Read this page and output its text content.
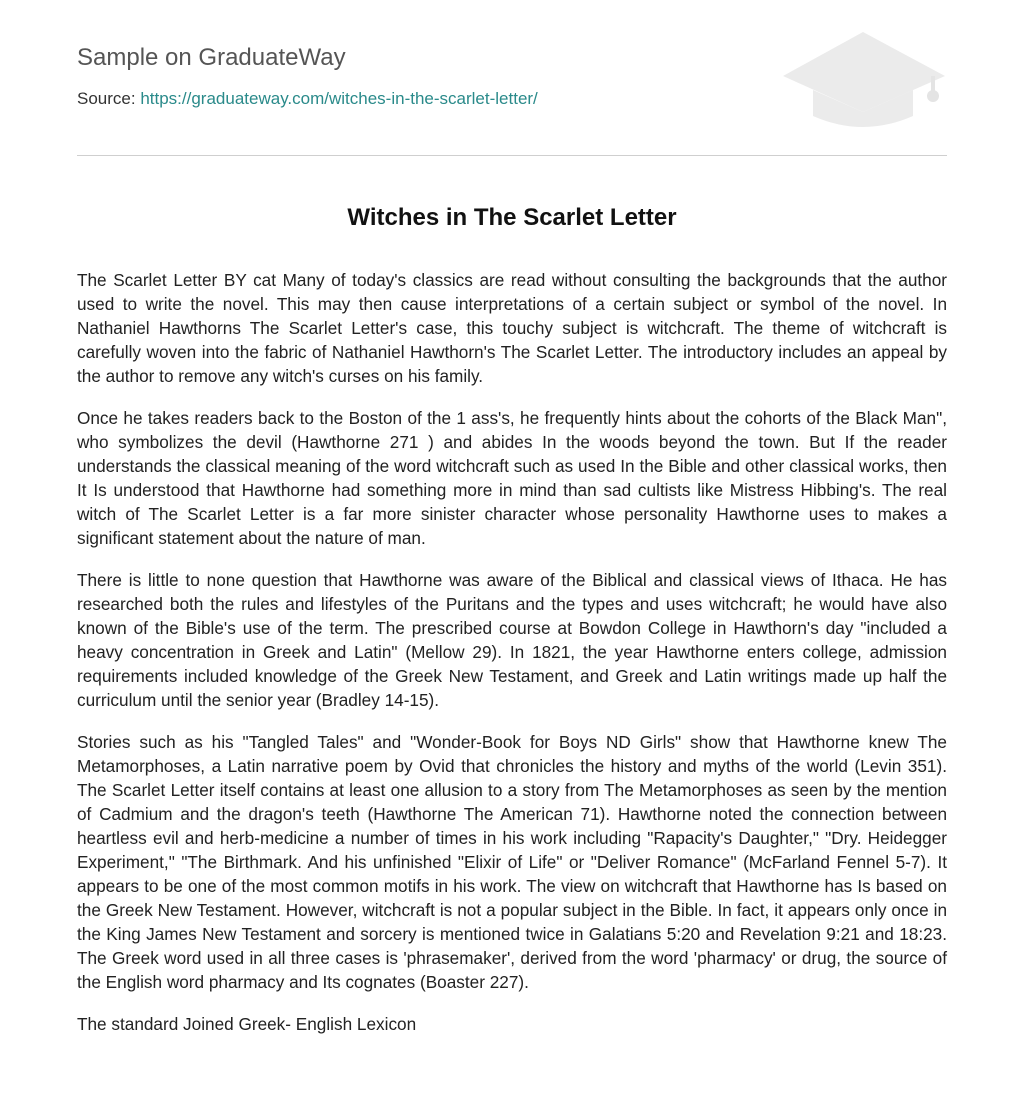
Sample on GraduateWay
Source: https://graduateway.com/witches-in-the-scarlet-letter/
Witches in The Scarlet Letter

The Scarlet Letter BY cat Many of today's classics are read without consulting the backgrounds that the author used to write the novel. This may then cause interpretations of a certain subject or symbol of the novel. In Nathaniel Hawthorns The Scarlet Letter's case, this touchy subject is witchcraft. The theme of witchcraft is carefully woven into the fabric of Nathaniel Hawthorn's The Scarlet Letter. The introductory includes an appeal by the author to remove any witch's curses on his family.

Once he takes readers back to the Boston of the 1 ass's, he frequently hints about the cohorts of the Black Man", who symbolizes the devil (Hawthorne 271 ) and abides In the woods beyond the town. But If the reader understands the classical meaning of the word witchcraft such as used In the Bible and other classical works, then It Is understood that Hawthorne had something more in mind than sad cultists like Mistress Hibbing's. The real witch of The Scarlet Letter is a far more sinister character whose personality Hawthorne uses to makes a significant statement about the nature of man.

There is little to none question that Hawthorne was aware of the Biblical and classical views of Ithaca. He has researched both the rules and lifestyles of the Puritans and the types and uses witchcraft; he would have also known of the Bible's use of the term. The prescribed course at Bowdon College in Hawthorn's day "included a heavy concentration in Greek and Latin" (Mellow 29). In 1821, the year Hawthorne enters college, admission requirements included knowledge of the Greek New Testament, and Greek and Latin writings made up half the curriculum until the senior year (Bradley 14-15).

Stories such as his "Tangled Tales" and "Wonder-Book for Boys ND Girls" show that Hawthorne knew The Metamorphoses, a Latin narrative poem by Ovid that chronicles the history and myths of the world (Levin 351). The Scarlet Letter itself contains at least one allusion to a story from The Metamorphoses as seen by the mention of Cadmium and the dragon's teeth (Hawthorne The American 71). Hawthorne noted the connection between heartless evil and herb-medicine a number of times in his work including "Rapacity's Daughter," "Dry. Heidegger Experiment," "The Birthmark. And his unfinished "Elixir of Life" or "Deliver Romance" (McFarland Fennel 5-7). It appears to be one of the most common motifs in his work. The view on witchcraft that Hawthorne has Is based on the Greek New Testament. However, witchcraft is not a popular subject in the Bible. In fact, it appears only once in the King James New Testament and sorcery is mentioned twice in Galatians 5:20 and Revelation 9:21 and 18:23. The Greek word used in all three cases is 'phrasemaker', derived from the word 'pharmacy' or drug, the source of the English word pharmacy and Its cognates (Boaster 227).

The standard Joined Greek- English Lexicon
